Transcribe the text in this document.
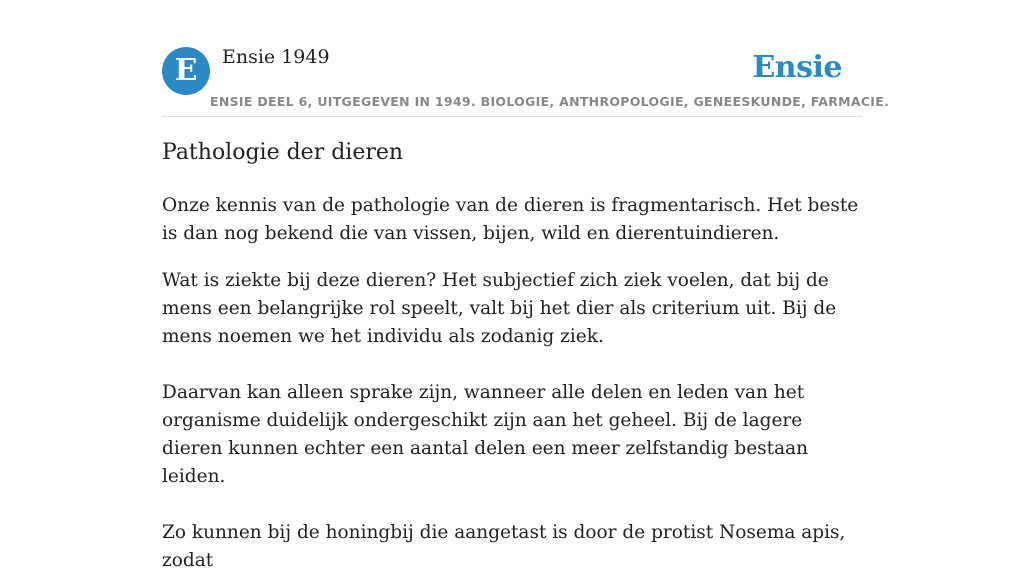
E	Ensie 1949	Ensie
ENSIE DEEL 6, UITGEGEVEN IN 1949. BIOLOGIE, ANTHROPOLOGIE, GENEESKUNDE, FARMACIE.
Pathologie der dieren

Onze kennis van de pathologie van de dieren is fragmentarisch. Het beste is dan nog bekend die van vissen, bijen, wild en dierentuindieren.

Wat is ziekte bij deze dieren? Het subjectief zich ziek voelen, dat bij de mens een belangrijke rol speelt, valt bij het dier als criterium uit. Bij de mens noemen we het individu als zodanig ziek.

Daarvan kan alleen sprake zijn, wanneer alle delen en leden van het organisme duidelijk ondergeschikt zijn aan het geheel. Bij de lagere dieren kunnen echter een aantal delen een meer zelfstandig bestaan leiden.

Zo kunnen bij de honingbij die aangetast is door de protist Nosema apis, zodat
